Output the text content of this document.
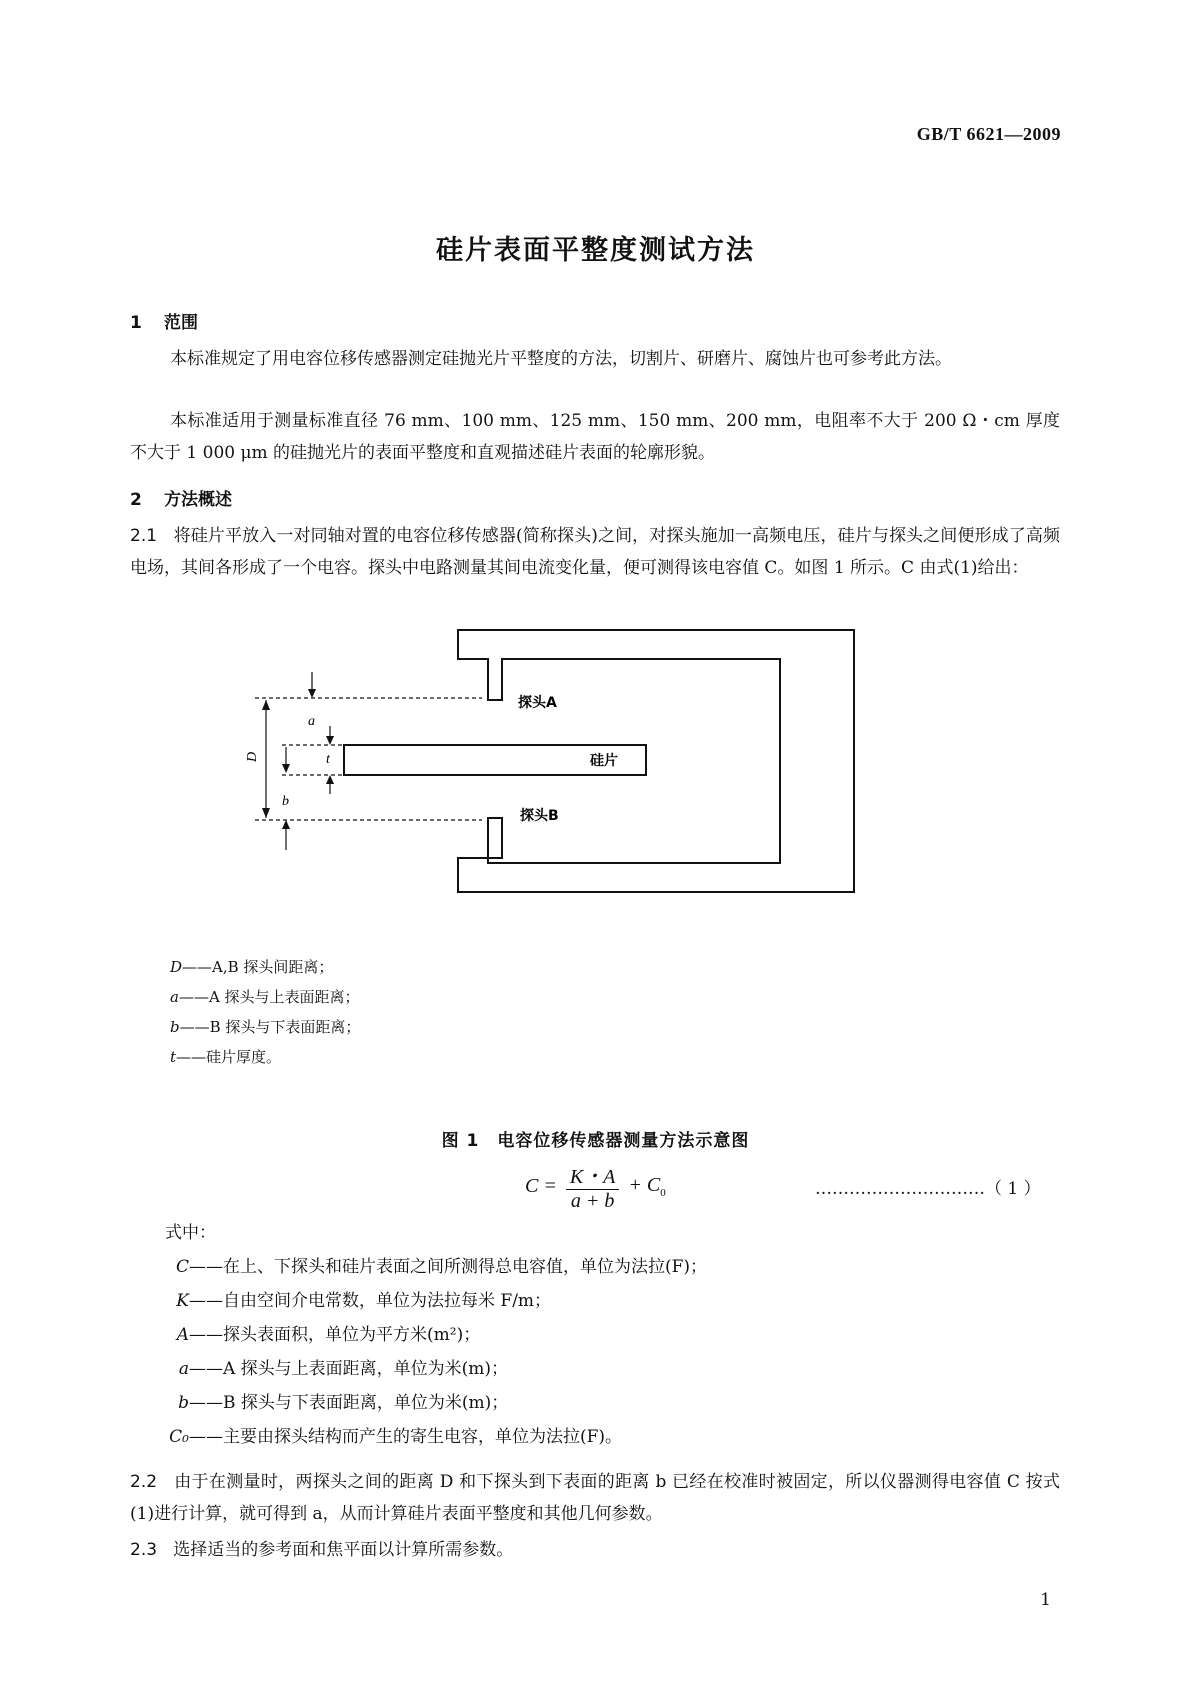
GB/T 6621—2009
硅片表面平整度测试方法
1 范围
本标准规定了用电容位移传感器测定硅抛光片平整度的方法，切割片、研磨片、腐蚀片也可参考此方法。
本标准适用于测量标准直径 76 mm、100 mm、125 mm、150 mm、200 mm，电阻率不大于 200 Ω・cm 厚度不大于 1 000 μm 的硅抛光片的表面平整度和直观描述硅片表面的轮廓形貌。
2 方法概述
2.1 将硅片平放入一对同轴对置的电容位移传感器(简称探头)之间，对探头施加一高频电压，硅片与探头之间便形成了高频电场，其间各形成了一个电容。探头中电路测量其间电流变化量，便可测得该电容值 C。如图 1 所示。C 由式(1)给出：
D
a
t
b
探头A
硅片
探头B
D——A,B 探头间距离；
a——A 探头与上表面距离；
b——B 探头与下表面距离；
t——硅片厚度。
图 1　电容位移传感器测量方法示意图
$C = \frac{K・A}{a + b} + C_0$	…………………………（ 1 ）
式中：
C——在上、下探头和硅片表面之间所测得总电容值，单位为法拉(F)；
K——自由空间介电常数，单位为法拉每米 F/m；
A——探头表面积，单位为平方米(m²)；
a——A 探头与上表面距离，单位为米(m)；
b——B 探头与下表面距离，单位为米(m)；
C₀——主要由探头结构而产生的寄生电容，单位为法拉(F)。
2.2 由于在测量时，两探头之间的距离 D 和下探头到下表面的距离 b 已经在校准时被固定，所以仪器测得电容值 C 按式(1)进行计算，就可得到 a，从而计算硅片表面平整度和其他几何参数。
2.3 选择适当的参考面和焦平面以计算所需参数。
1
